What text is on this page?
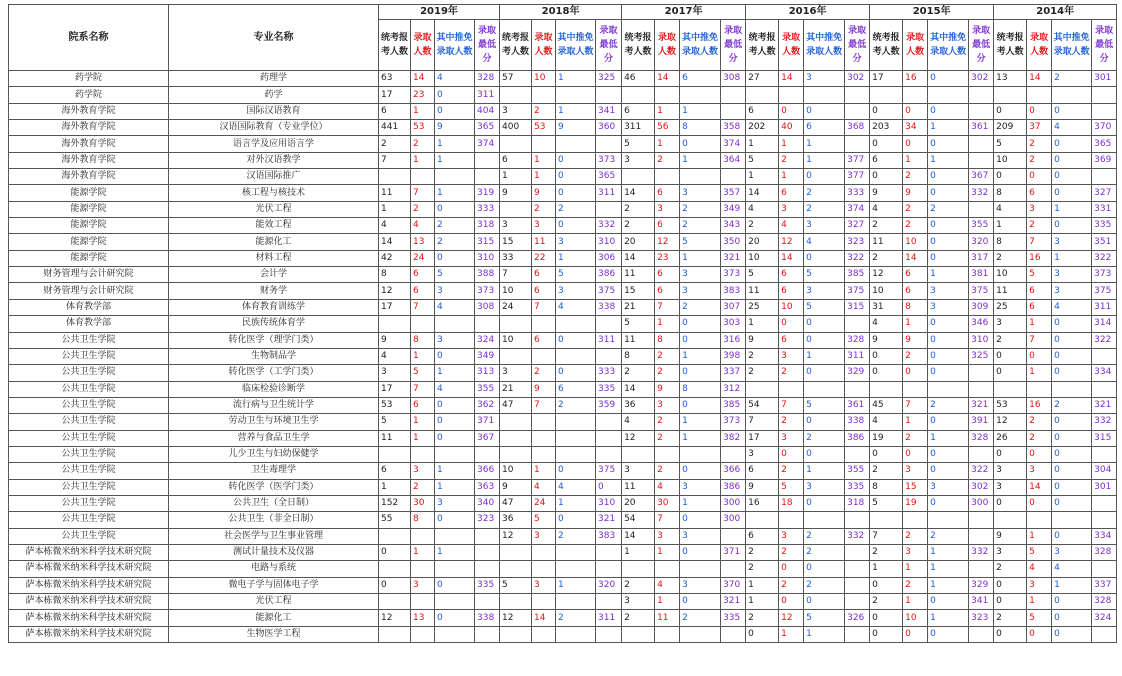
院系名称	专业名称	2019年				2018年				2017年				2016年				2015年				2014年			
		统考报考人数	录取人数	其中推免录取人数	录取最低分	统考报考人数	录取人数	其中推免录取人数	录取最低分	统考报考人数	录取人数	其中推免录取人数	录取最低分	统考报考人数	录取人数	其中推免录取人数	录取最低分	统考报考人数	录取人数	其中推免录取人数	录取最低分	统考报考人数	录取人数	其中推免录取人数	录取最低分
药学院	药理学	63	14	4	328	57	10	1	325	46	14	6	308	27	14	3	302	17	16	0	302	13	14	2	301
药学院	药学	17	23	0	311																				
海外教育学院	国际汉语教育	6	1	0	404	3	2	1	341	6	1	1		6	0	0		0	0	0		0	0	0	
海外教育学院	汉语国际教育（专业学位）	441	53	9	365	400	53	9	360	311	56	8	358	202	40	6	368	203	34	1	361	209	37	4	370
海外教育学院	语言学及应用语言学	2	2	1	374					5	1	0	374	1	1	1		0	0	0		5	2	0	365
海外教育学院	对外汉语教学	7	1	1		6	1	0	373	3	2	1	364	5	2	1	377	6	1	1		10	2	0	369
海外教育学院	汉语国际推广					1	1	0	365					1	1	0	377	0	2	0	367	0	0	0	
能源学院	核工程与核技术	11	7	1	319	9	9	0	311	14	6	3	357	14	6	2	333	9	9	0	332	8	6	0	327
能源学院	光伏工程	1	2	0	333		2	2		2	3	2	349	4	3	2	374	4	2	2		4	3	1	331
能源学院	能效工程	4	4	2	318	3	3	0	332	2	6	2	343	2	4	3	327	2	2	0	355	1	2	0	335
能源学院	能源化工	14	13	2	315	15	11	3	310	20	12	5	350	20	12	4	323	11	10	0	320	8	7	3	351
能源学院	材料工程	42	24	0	310	33	22	1	306	14	23	1	321	10	14	0	322	2	14	0	317	2	16	1	322
财务管理与会计研究院	会计学	8	6	5	388	7	6	5	386	11	6	3	373	5	6	5	385	12	6	1	381	10	5	3	373
财务管理与会计研究院	财务学	12	6	3	373	10	6	3	375	15	6	3	383	11	6	3	375	10	6	3	375	11	6	3	375
体育教学部	体育教育训练学	17	7	4	308	24	7	4	338	21	7	2	307	25	10	5	315	31	8	3	309	25	6	4	311
体育教学部	民族传统体育学									5	1	0	303	1	0	0		4	1	0	346	3	1	0	314
公共卫生学院	转化医学（理学门类）	9	8	3	324	10	6	0	311	11	8	0	316	9	6	0	328	9	9	0	310	2	7	0	322
公共卫生学院	生物制品学	4	1	0	349					8	2	1	398	2	3	1	311	0	2	0	325	0	0	0	
公共卫生学院	转化医学（工学门类）	3	5	1	313	3	2	0	333	2	2	0	337	2	2	0	329	0	0	0		0	1	0	334
公共卫生学院	临床检验诊断学	17	7	4	355	21	9	6	335	14	9	8	312												
公共卫生学院	流行病与卫生统计学	53	6	0	362	47	7	2	359	36	3	0	385	54	7	5	361	45	7	2	321	53	16	2	321
公共卫生学院	劳动卫生与环境卫生学	5	1	0	371					4	2	1	373	7	2	0	338	4	1	0	391	12	2	0	332
公共卫生学院	营养与食品卫生学	11	1	0	367					12	2	1	382	17	3	2	386	19	2	1	328	26	2	0	315
公共卫生学院	儿少卫生与妇幼保健学													3	0	0		0	0	0		0	0	0	
公共卫生学院	卫生毒理学	6	3	1	366	10	1	0	375	3	2	0	366	6	2	1	355	2	3	0	322	3	3	0	304
公共卫生学院	转化医学（医学门类）	1	2	1	363	9	4	4	0	11	4	3	386	9	5	3	335	8	15	3	302	3	14	0	301
公共卫生学院	公共卫生（全日制）	152	30	3	340	47	24	1	310	20	30	1	300	16	18	0	318	5	19	0	300	0	0	0	
公共卫生学院	公共卫生（非全日制）	55	8	0	323	36	5	0	321	54	7	0	300												
公共卫生学院	社会医学与卫生事业管理					12	3	2	383	14	3	3		6	3	2	332	7	2	2		9	1	0	334
萨本栋微米纳米科学技术研究院	测试计量技术及仪器	0	1	1						1	1	0	371	2	2	2		2	3	1	332	3	5	3	328
萨本栋微米纳米科学技术研究院	电路与系统													2	0	0		1	1	1		2	4	4	
萨本栋微米纳米科学技术研究院	微电子学与固体电子学	0	3	0	335	5	3	1	320	2	4	3	370	1	2	2		0	2	1	329	0	3	1	337
萨本栋微米纳米科学技术研究院	光伏工程									3	1	0	321	1	0	0		2	1	0	341	0	1	0	328
萨本栋微米纳米科学技术研究院	能源化工	12	13	0	338	12	14	2	311	2	11	2	335	2	12	5	326	0	10	1	323	2	5	0	324
萨本栋微米纳米科学技术研究院	生物医学工程													0	1	1		0	0	0		0	0	0	
